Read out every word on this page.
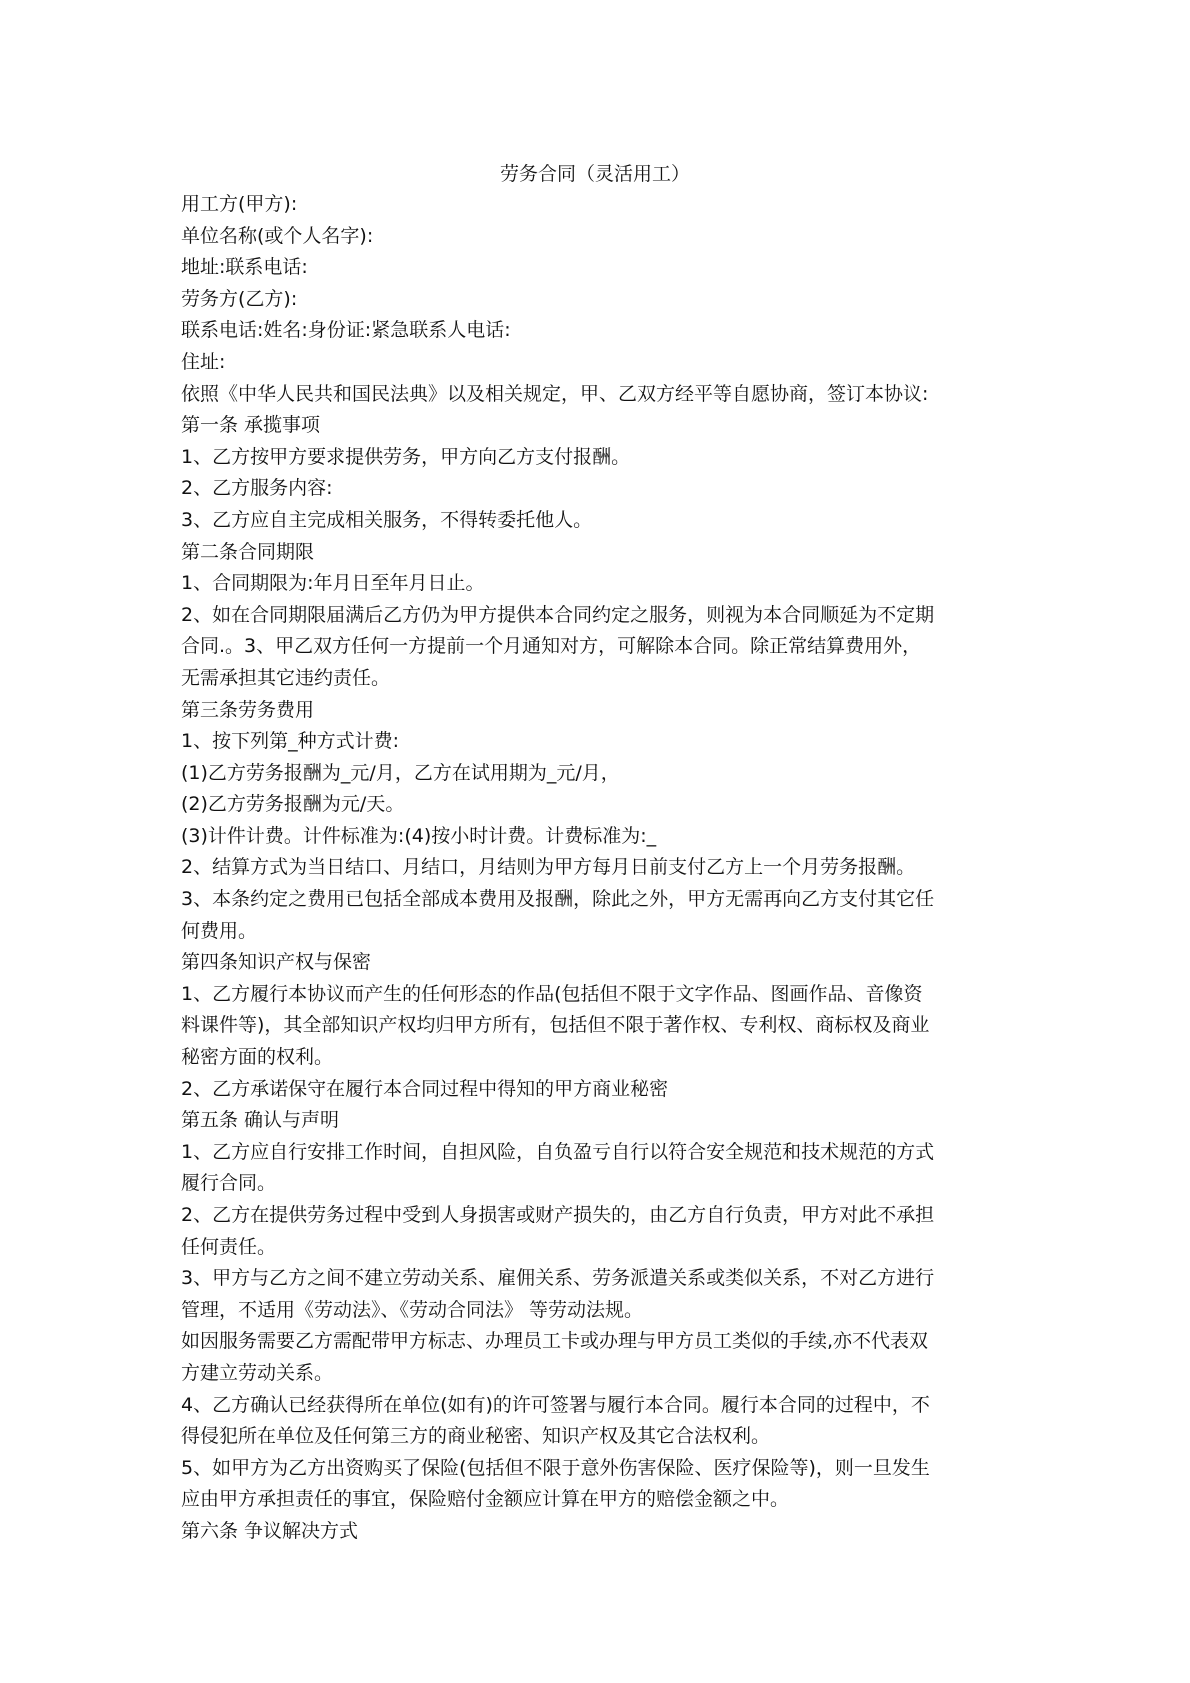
劳务合同（灵活用工）
用工方(甲方):
单位名称(或个人名字):
地址:联系电话:
劳务方(乙方):
联系电话:姓名:身份证:紧急联系人电话:
住址:
依照《中华人民共和国民法典》以及相关规定，甲、乙双方经平等自愿协商，签订本协议:
第一条 承揽事项
1、乙方按甲方要求提供劳务，甲方向乙方支付报酬。
2、乙方服务内容:
3、乙方应自主完成相关服务，不得转委托他人。
第二条合同期限
1、合同期限为:年月日至年月日止。
2、如在合同期限届满后乙方仍为甲方提供本合同约定之服务，则视为本合同顺延为不定期
合同.。3、甲乙双方任何一方提前一个月通知对方，可解除本合同。除正常结算费用外，
无需承担其它违约责任。
第三条劳务费用
1、按下列第_种方式计费:
(1)乙方劳务报酬为_元/月，乙方在试用期为_元/月，
(2)乙方劳务报酬为元/天。
(3)计件计费。计件标准为:(4)按小时计费。计费标准为:_
2、结算方式为当日结口、月结口，月结则为甲方每月日前支付乙方上一个月劳务报酬。
3、本条约定之费用已包括全部成本费用及报酬，除此之外，甲方无需再向乙方支付其它任
何费用。
第四条知识产权与保密
1、乙方履行本协议而产生的任何形态的作品(包括但不限于文字作品、图画作品、音像资
料课件等)，其全部知识产权均归甲方所有，包括但不限于著作权、专利权、商标权及商业
秘密方面的权利。
2、乙方承诺保守在履行本合同过程中得知的甲方商业秘密
第五条 确认与声明
1、乙方应自行安排工作时间，自担风险，自负盈亏自行以符合安全规范和技术规范的方式
履行合同。
2、乙方在提供劳务过程中受到人身损害或财产损失的，由乙方自行负责，甲方对此不承担
任何责任。
3、甲方与乙方之间不建立劳动关系、雇佣关系、劳务派遣关系或类似关系，不对乙方进行
管理，不适用《劳动法》、《劳动合同法》 等劳动法规。
如因服务需要乙方需配带甲方标志、办理员工卡或办理与甲方员工类似的手续,亦不代表双
方建立劳动关系。
4、乙方确认已经获得所在单位(如有)的许可签署与履行本合同。履行本合同的过程中，不
得侵犯所在单位及任何第三方的商业秘密、知识产权及其它合法权利。
5、如甲方为乙方出资购买了保险(包括但不限于意外伤害保险、医疗保险等)，则一旦发生
应由甲方承担责任的事宜，保险赔付金额应计算在甲方的赔偿金额之中。
第六条 争议解决方式
